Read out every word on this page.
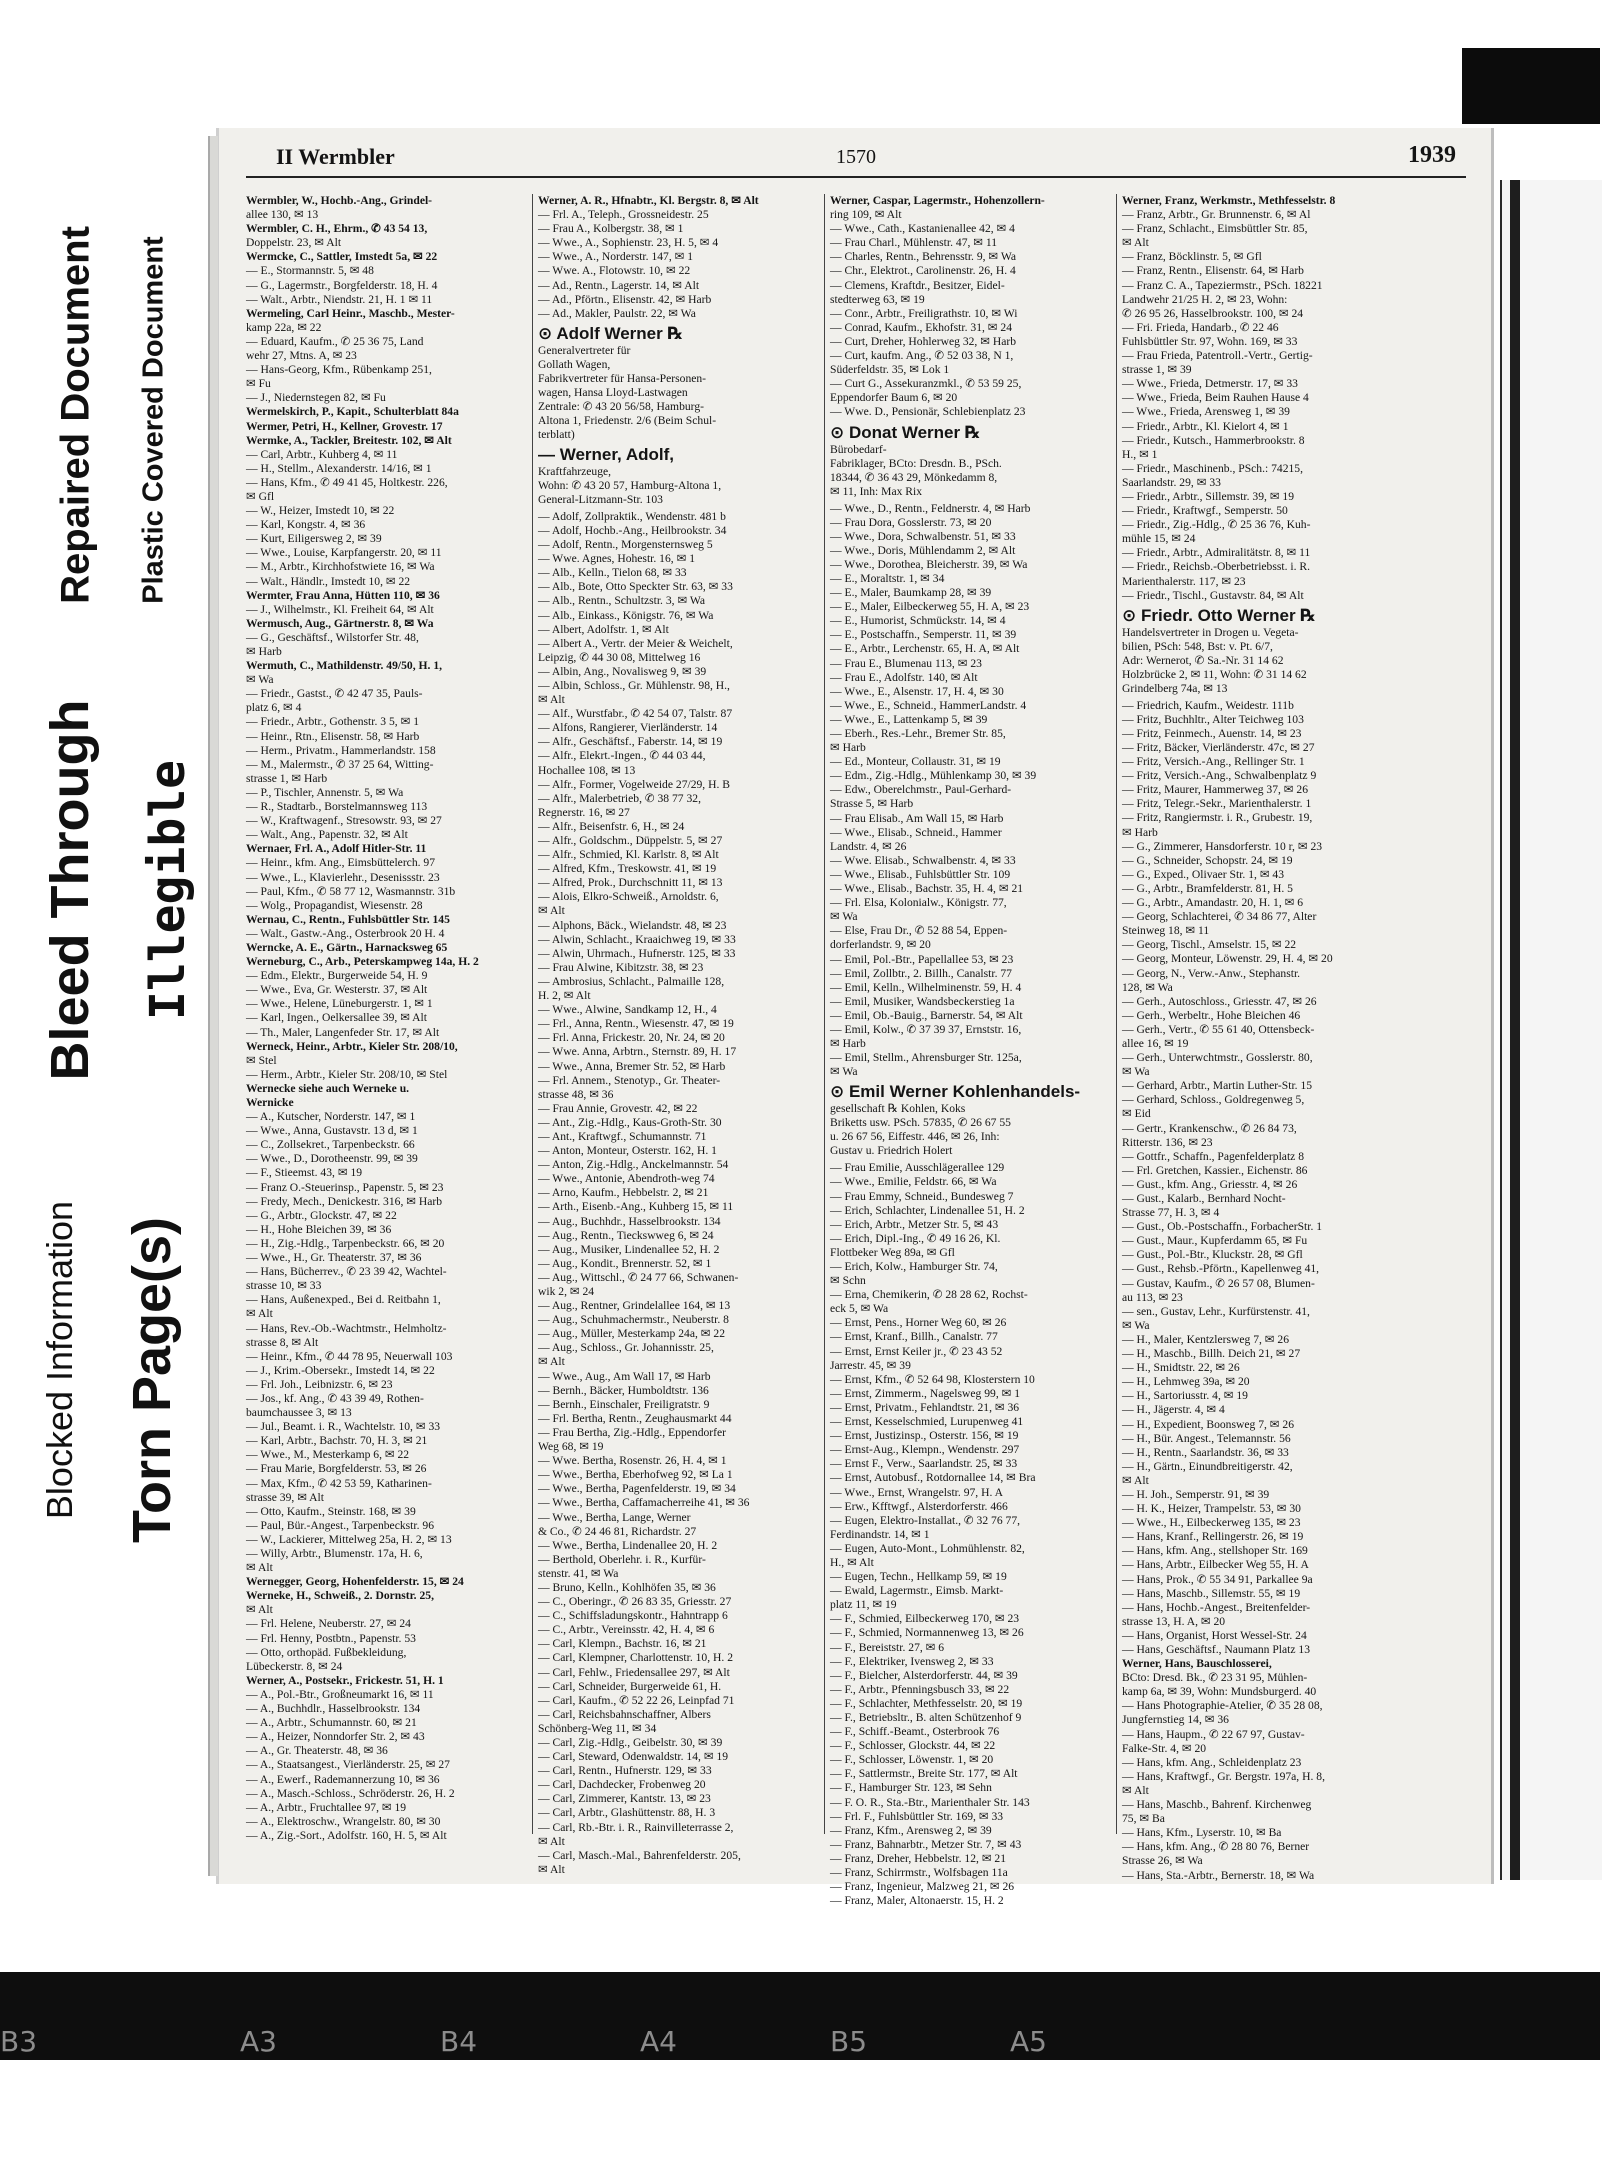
Repaired Document Plastic Covered Document
Bleed Through Illegible
Blocked Information Torn Page(s)
II Wermbler	1570	1939
Wermbler, W., Hochb.-Ang., Grindel-
allee 130, ✉ 13
Wermbler, C. H., Ehrm., ✆ 43 54 13,
Doppelstr. 23, ✉ Alt
Wermcke, C., Sattler, Imstedt 5a, ✉ 22
— E., Stormannstr. 5, ✉ 48
— G., Lagermstr., Borgfelderstr. 18, H. 4
— Walt., Arbtr., Niendstr. 21, H. 1 ✉ 11
Wermeling, Carl Heinr., Maschb., Mester-
kamp 22a, ✉ 22
— Eduard, Kaufm., ✆ 25 36 75, Land
wehr 27, Mtns. A, ✉ 23
— Hans-Georg, Kfm., Rübenkamp 251,
✉ Fu
— J., Niedernstegen 82, ✉ Fu
Wermelskirch, P., Kapit., Schulterblatt 84a
Wermer, Petri, H., Kellner, Grovestr. 17
Wermke, A., Tackler, Breitestr. 102, ✉ Alt
— Carl, Arbtr., Kuhberg 4, ✉ 11
— H., Stellm., Alexanderstr. 14/16, ✉ 1
— Hans, Kfm., ✆ 49 41 45, Holtkestr. 226,
✉ Gfl
— W., Heizer, Imstedt 10, ✉ 22
— Karl, Kongstr. 4, ✉ 36
— Kurt, Eiligersweg 2, ✉ 39
— Wwe., Louise, Karpfangerstr. 20, ✉ 11
— M., Arbtr., Kirchhofstwiete 16, ✉ Wa
— Walt., Händlr., Imstedt 10, ✉ 22
Wermter, Frau Anna, Hütten 110, ✉ 36
— J., Wilhelmstr., Kl. Freiheit 64, ✉ Alt
Wermusch, Aug., Gärtnerstr. 8, ✉ Wa
— G., Geschäftsf., Wilstorfer Str. 48,
✉ Harb
Wermuth, C., Mathildenstr. 49/50, H. 1,
✉ Wa
— Friedr., Gastst., ✆ 42 47 35, Pauls-
platz 6, ✉ 4
— Friedr., Arbtr., Gothenstr. 3 5, ✉ 1
— Heinr., Rtn., Elisenstr. 58, ✉ Harb
— Herm., Privatm., Hammerlandstr. 158
— M., Malermstr., ✆ 37 25 64, Witting-
strasse 1, ✉ Harb
— P., Tischler, Annenstr. 5, ✉ Wa
— R., Stadtarb., Borstelmannsweg 113
— W., Kraftwagenf., Stresowstr. 93, ✉ 27
— Walt., Ang., Papenstr. 32, ✉ Alt
Wernaer, Frl. A., Adolf Hitler-Str. 11
— Heinr., kfm. Ang., Eimsbüttelerch. 97
— Wwe., L., Klavierlehr., Desenissstr. 23
— Paul, Kfm., ✆ 58 77 12, Wasmannstr. 31b
— Wolg., Propagandist, Wiesenstr. 28
Wernau, C., Rentn., Fuhlsbüttler Str. 145
— Walt., Gastw.-Ang., Osterbrook 20 H. 4
Werncke, A. E., Gärtn., Harnacksweg 65
Werneburg, C., Arb., Peterskampweg 14a, H. 2
— Edm., Elektr., Burgerweide 54, H. 9
— Wwe., Eva, Gr. Westerstr. 37, ✉ Alt
— Wwe., Helene, Lüneburgerstr. 1, ✉ 1
— Karl, Ingen., Oelkersallee 39, ✉ Alt
— Th., Maler, Langenfeder Str. 17, ✉ Alt
Werneck, Heinr., Arbtr., Kieler Str. 208/10,
✉ Stel
— Herm., Arbtr., Kieler Str. 208/10, ✉ Stel
Wernecke siehe auch Werneke u.
Wernicke
— A., Kutscher, Norderstr. 147, ✉ 1
— Wwe., Anna, Gustavstr. 13 d, ✉ 1
— C., Zollsekret., Tarpenbeckstr. 66
— Wwe., D., Dorotheenstr. 99, ✉ 39
— F., Stieemst. 43, ✉ 19
— Franz O.-Steuerinsp., Papenstr. 5, ✉ 23
— Fredy, Mech., Denickestr. 316, ✉ Harb
— G., Arbtr., Glockstr. 47, ✉ 22
— H., Hohe Bleichen 39, ✉ 36
— H., Zig.-Hdlg., Tarpenbeckstr. 66, ✉ 20
— Wwe., H., Gr. Theaterstr. 37, ✉ 36
— Hans, Bücherrev., ✆ 23 39 42, Wachtel-
strasse 10, ✉ 33
— Hans, Außenexped., Bei d. Reitbahn 1,
✉ Alt
— Hans, Rev.-Ob.-Wachtmstr., Helmholtz-
strasse 8, ✉ Alt
— Heinr., Kfm., ✆ 44 78 95, Neuerwall 103
— J., Krim.-Obersekr., Imstedt 14, ✉ 22
— Frl. Joh., Leibnizstr. 6, ✉ 23
— Jos., kf. Ang., ✆ 43 39 49, Rothen-
baumchaussee 3, ✉ 13
— Jul., Beamt. i. R., Wachtelstr. 10, ✉ 33
— Karl, Arbtr., Bachstr. 70, H. 3, ✉ 21
— Wwe., M., Mesterkamp 6, ✉ 22
— Frau Marie, Borgfelderstr. 53, ✉ 26
— Max, Kfm., ✆ 42 53 59, Katharinen-
strasse 39, ✉ Alt
— Otto, Kaufm., Steinstr. 168, ✉ 39
— Paul, Bür.-Angest., Tarpenbeckstr. 96
— W., Lackierer, Mittelweg 25a, H. 2, ✉ 13
— Willy, Arbtr., Blumenstr. 17a, H. 6,
✉ Alt
Wernegger, Georg, Hohenfelderstr. 15, ✉ 24
Werneke, H., Schweiß., 2. Dornstr. 25,
✉ Alt
— Frl. Helene, Neuberstr. 27, ✉ 24
— Frl. Henny, Postbtn., Papenstr. 53
— Otto, orthopäd. Fußbekleidung,
Lübeckerstr. 8, ✉ 24
Werner, A., Postsekr., Frickestr. 51, H. 1
— A., Pol.-Btr., Großneumarkt 16, ✉ 11
— A., Buchhdlr., Hasselbrookstr. 134
— A., Arbtr., Schumannstr. 60, ✉ 21
— A., Heizer, Nonndorfer Str. 2, ✉ 43
— A., Gr. Theaterstr. 48, ✉ 36
— A., Staatsangest., Vierländerstr. 25, ✉ 27
— A., Ewerf., Rademannerzung 10, ✉ 36
— A., Masch.-Schloss., Schröderstr. 26, H. 2
— A., Arbtr., Fruchtallee 97, ✉ 19
— A., Elektroschw., Wrangelstr. 80, ✉ 30
— A., Zig.-Sort., Adolfstr. 160, H. 5, ✉ Alt
Werner, A. R., Hfnabtr., Kl. Bergstr. 8, ✉ Alt
— Frl. A., Teleph., Grossneidestr. 25
— Frau A., Kolbergstr. 38, ✉ 1
— Wwe., A., Sophienstr. 23, H. 5, ✉ 4
— Wwe., A., Norderstr. 147, ✉ 1
— Wwe. A., Flotowstr. 10, ✉ 22
— Ad., Rentn., Lagerstr. 14, ✉ Alt
— Ad., Pförtn., Elisenstr. 42, ✉ Harb
— Ad., Makler, Paulstr. 22, ✉ Wa
⊙ Adolf Werner ℞
Generalvertreter für
Gollath Wagen,
Fabrikvertreter für Hansa-Personen-
wagen, Hansa Lloyd-Lastwagen
Zentrale: ✆ 43 20 56/58, Hamburg-
Altona 1, Friedenstr. 2/6 (Beim Schul-
terblatt)
— Werner, Adolf,
Kraftfahrzeuge,
Wohn: ✆ 43 20 57, Hamburg-Altona 1,
General-Litzmann-Str. 103
— Adolf, Zollpraktik., Wendenstr. 481 b
— Adolf, Hochb.-Ang., Heilbrookstr. 34
— Adolf, Rentn., Morgensternsweg 5
— Wwe. Agnes, Hohestr. 16, ✉ 1
— Alb., Kelln., Tielon 68, ✉ 33
— Alb., Bote, Otto Speckter Str. 63, ✉ 33
— Alb., Rentn., Schultzstr. 3, ✉ Wa
— Alb., Einkass., Königstr. 76, ✉ Wa
— Albert, Adolfstr. 1, ✉ Alt
— Albert A., Vertr. der Meier & Weichelt,
Leipzig, ✆ 44 30 08, Mittelweg 16
— Albin, Ang., Novalisweg 9, ✉ 39
— Albin, Schloss., Gr. Mühlenstr. 98, H.,
✉ Alt
— Alf., Wurstfabr., ✆ 42 54 07, Talstr. 87
— Alfons, Rangierer, Vierländerstr. 14
— Alfr., Geschäftsf., Faberstr. 14, ✉ 19
— Alfr., Elekrt.-Ingen., ✆ 44 03 44,
Hochallee 108, ✉ 13
— Alfr., Former, Vogelweide 27/29, H. B
— Alfr., Malerbetrieb, ✆ 38 77 32,
Regnerstr. 16, ✉ 27
— Alfr., Beisenfstr. 6, H., ✉ 24
— Alfr., Goldschm., Düppelstr. 5, ✉ 27
— Alfr., Schmied, Kl. Karlstr. 8, ✉ Alt
— Alfred, Kfm., Treskowstr. 41, ✉ 19
— Alfred, Prok., Durchschnitt 11, ✉ 13
— Alois, Elkro-Schweiß., Arnoldstr. 6,
✉ Alt
— Alphons, Bäck., Wielandstr. 48, ✉ 23
— Alwin, Schlacht., Kraaichweg 19, ✉ 33
— Alwin, Uhrmach., Hufnerstr. 125, ✉ 33
— Frau Alwine, Kibitzstr. 38, ✉ 23
— Ambrosius, Schlacht., Palmaille 128,
H. 2, ✉ Alt
— Wwe., Alwine, Sandkamp 12, H., 4
— Frl., Anna, Rentn., Wiesenstr. 47, ✉ 19
— Frl. Anna, Frickestr. 20, Nr. 24, ✉ 20
— Wwe. Anna, Arbtrn., Sternstr. 89, H. 17
— Wwe., Anna, Bremer Str. 52, ✉ Harb
— Frl. Annem., Stenotyp., Gr. Theater-
strasse 48, ✉ 36
— Frau Annie, Grovestr. 42, ✉ 22
— Ant., Zig.-Hdlg., Kaus-Groth-Str. 30
— Ant., Kraftwgf., Schumannstr. 71
— Anton, Monteur, Osterstr. 162, H. 1
— Anton, Zig.-Hdlg., Anckelmannstr. 54
— Wwe., Antonie, Abendroth-weg 74
— Arno, Kaufm., Hebbelstr. 2, ✉ 21
— Arth., Eisenb.-Ang., Kuhberg 15, ✉ 11
— Aug., Buchhdr., Hasselbrookstr. 134
— Aug., Rentn., Tieckswweg 6, ✉ 24
— Aug., Musiker, Lindenallee 52, H. 2
— Aug., Kondit., Brennerstr. 52, ✉ 1
— Aug., Wittschl., ✆ 24 77 66, Schwanen-
wik 2, ✉ 24
— Aug., Rentner, Grindelallee 164, ✉ 13
— Aug., Schuhmachermstr., Neuberstr. 8
— Aug., Müller, Mesterkamp 24a, ✉ 22
— Aug., Schloss., Gr. Johannisstr. 25,
✉ Alt
— Wwe., Aug., Am Wall 17, ✉ Harb
— Bernh., Bäcker, Humboldtstr. 136
— Bernh., Einschaler, Freiligratstr. 9
— Frl. Bertha, Rentn., Zeughausmarkt 44
— Frau Bertha, Zig.-Hdlg., Eppendorfer
Weg 68, ✉ 19
— Wwe. Bertha, Rosenstr. 26, H. 4, ✉ 1
— Wwe., Bertha, Eberhofweg 92, ✉ La 1
— Wwe., Bertha, Pagenfelderstr. 19, ✉ 34
— Wwe., Bertha, Caffamacherreihe 41, ✉ 36
— Wwe., Bertha, Lange, Werner
& Co., ✆ 24 46 81, Richardstr. 27
— Wwe., Bertha, Lindenallee 20, H. 2
— Berthold, Oberlehr. i. R., Kurfür-
stenstr. 41, ✉ Wa
— Bruno, Kelln., Kohlhöfen 35, ✉ 36
— C., Oberingr., ✆ 26 83 35, Griesstr. 27
— C., Schiffsladungskontr., Hahntrapp 6
— C., Arbtr., Vereinsstr. 42, H. 4, ✉ 6
— Carl, Klempn., Bachstr. 16, ✉ 21
— Carl, Klempner, Charlottenstr. 10, H. 2
— Carl, Fehlw., Friedensallee 297, ✉ Alt
— Carl, Schneider, Burgerweide 61, H.
— Carl, Kaufm., ✆ 52 22 26, Leinpfad 71
— Carl, Reichsbahnschaffner, Albers
Schönberg-Weg 11, ✉ 34
— Carl, Zig.-Hdlg., Geibelstr. 30, ✉ 39
— Carl, Steward, Odenwaldstr. 14, ✉ 19
— Carl, Rentn., Hufnerstr. 129, ✉ 33
— Carl, Dachdecker, Frobenweg 20
— Carl, Zimmerer, Kantstr. 13, ✉ 23
— Carl, Arbtr., Glashüttenstr. 88, H. 3
— Carl, Rb.-Btr. i. R., Rainvilleterrasse 2,
✉ Alt
— Carl, Masch.-Mal., Bahrenfelderstr. 205,
✉ Alt
Werner, Caspar, Lagermstr., Hohenzollern-
ring 109, ✉ Alt
— Wwe., Cath., Kastanienallee 42, ✉ 4
— Frau Charl., Mühlenstr. 47, ✉ 11
— Charles, Rentn., Behrensstr. 9, ✉ Wa
— Chr., Elektrot., Carolinenstr. 26, H. 4
— Clemens, Kraftdr., Besitzer, Eidel-
stedterweg 63, ✉ 19
— Conr., Arbtr., Freiligrathstr. 10, ✉ Wi
— Conrad, Kaufm., Ekhofstr. 31, ✉ 24
— Curt, Dreher, Hohlerweg 32, ✉ Harb
— Curt, kaufm. Ang., ✆ 52 03 38, N 1,
Süderfeldstr. 35, ✉ Lok 1
— Curt G., Assekuranzmkl., ✆ 53 59 25,
Eppendorfer Baum 6, ✉ 20
— Wwe. D., Pensionär, Schlebienplatz 23
⊙ Donat Werner ℞
Bürobedarf-
Fabriklager, BCto: Dresdn. B., PSch.
18344, ✆ 36 43 29, Mönkedamm 8,
✉ 11, Inh: Max Rix
— Wwe., D., Rentn., Feldnerstr. 4, ✉ Harb
— Frau Dora, Gosslerstr. 73, ✉ 20
— Wwe., Dora, Schwalbenstr. 51, ✉ 33
— Wwe., Doris, Mühlendamm 2, ✉ Alt
— Wwe., Dorothea, Bleicherstr. 39, ✉ Wa
— E., Moraltstr. 1, ✉ 34
— E., Maler, Baumkamp 28, ✉ 39
— E., Maler, Eilbeckerweg 55, H. A, ✉ 23
— E., Humorist, Schmückstr. 14, ✉ 4
— E., Postschaffn., Semperstr. 11, ✉ 39
— E., Arbtr., Lerchenstr. 65, H. A, ✉ Alt
— Frau E., Blumenau 113, ✉ 23
— Frau E., Adolfstr. 140, ✉ Alt
— Wwe., E., Alsenstr. 17, H. 4, ✉ 30
— Wwe., E., Schneid., HammerLandstr. 4
— Wwe., E., Lattenkamp 5, ✉ 39
— Eberh., Res.-Lehr., Bremer Str. 85,
✉ Harb
— Ed., Monteur, Collaustr. 31, ✉ 19
— Edm., Zig.-Hdlg., Mühlenkamp 30, ✉ 39
— Edw., Oberelchmstr., Paul-Gerhard-
Strasse 5, ✉ Harb
— Frau Elisab., Am Wall 15, ✉ Harb
— Wwe., Elisab., Schneid., Hammer
Landstr. 4, ✉ 26
— Wwe. Elisab., Schwalbenstr. 4, ✉ 33
— Wwe., Elisab., Fuhlsbüttler Str. 109
— Wwe., Elisab., Bachstr. 35, H. 4, ✉ 21
— Frl. Elsa, Kolonialw., Königstr. 77,
✉ Wa
— Else, Frau Dr., ✆ 52 88 54, Eppen-
dorferlandstr. 9, ✉ 20
— Emil, Pol.-Btr., Papellallee 53, ✉ 23
— Emil, Zollbtr., 2. Billh., Canalstr. 77
— Emil, Kelln., Wilhelminenstr. 59, H. 4
— Emil, Musiker, Wandsbeckerstieg 1a
— Emil, Ob.-Bauig., Barnerstr. 54, ✉ Alt
— Emil, Kolw., ✆ 37 39 37, Ernststr. 16,
✉ Harb
— Emil, Stellm., Ahrensburger Str. 125a,
✉ Wa
⊙ Emil Werner Kohlenhandels-
gesellschaft ℞ Kohlen, Koks
Briketts usw. PSch. 57835, ✆ 26 67 55
u. 26 67 56, Eiffestr. 446, ✉ 26, Inh:
Gustav u. Friedrich Holert
— Frau Emilie, Ausschlägerallee 129
— Wwe., Emilie, Feldstr. 66, ✉ Wa
— Frau Emmy, Schneid., Bundesweg 7
— Erich, Schlachter, Lindenallee 51, H. 2
— Erich, Arbtr., Metzer Str. 5, ✉ 43
— Erich, Dipl.-Ing., ✆ 49 16 26, Kl.
Flottbeker Weg 89a, ✉ Gfl
— Erich, Kolw., Hamburger Str. 74,
✉ Schn
— Erna, Chemikerin, ✆ 28 28 62, Rochst-
eck 5, ✉ Wa
— Ernst, Pens., Horner Weg 60, ✉ 26
— Ernst, Kranf., Billh., Canalstr. 77
— Ernst, Ernst Keiler jr., ✆ 23 43 52
Jarrestr. 45, ✉ 39
— Ernst, Kfm., ✆ 52 64 98, Klosterstern 10
— Ernst, Zimmerm., Nagelsweg 99, ✉ 1
— Ernst, Privatm., Fehlandtstr. 21, ✉ 36
— Ernst, Kesselschmied, Lurupenweg 41
— Ernst, Justizinsp., Osterstr. 156, ✉ 19
— Ernst-Aug., Klempn., Wendenstr. 297
— Ernst F., Verw., Saarlandstr. 25, ✉ 33
— Ernst, Autobusf., Rotdornallee 14, ✉ Bra
— Wwe., Ernst, Wrangelstr. 97, H. A
— Erw., Kfftwgf., Alsterdorferstr. 466
— Eugen, Elektro-Installat., ✆ 32 76 77,
Ferdinandstr. 14, ✉ 1
— Eugen, Auto-Mont., Lohmühlenstr. 82,
H., ✉ Alt
— Eugen, Techn., Hellkamp 59, ✉ 19
— Ewald, Lagermstr., Eimsb. Markt-
platz 11, ✉ 19
— F., Schmied, Eilbeckerweg 170, ✉ 23
— F., Schmied, Normannenweg 13, ✉ 26
— F., Bereiststr. 27, ✉ 6
— F., Elektriker, Ivensweg 2, ✉ 33
— F., Bielcher, Alsterdorferstr. 44, ✉ 39
— F., Arbtr., Pfenningsbusch 33, ✉ 22
— F., Schlachter, Methfesselstr. 20, ✉ 19
— F., Betriebsltr., B. alten Schützenhof 9
— F., Schiff.-Beamt., Osterbrook 76
— F., Schlosser, Glockstr. 44, ✉ 22
— F., Schlosser, Löwenstr. 1, ✉ 20
— F., Sattlermstr., Breite Str. 177, ✉ Alt
— F., Hamburger Str. 123, ✉ Sehn
— F. O. R., Sta.-Btr., Marienthaler Str. 143
— Frl. F., Fuhlsbüttler Str. 169, ✉ 33
— Franz, Kfm., Arensweg 2, ✉ 39
— Franz, Bahnarbtr., Metzer Str. 7, ✉ 43
— Franz, Dreher, Hebbelstr. 12, ✉ 21
— Franz, Schirrmstr., Wolfsbagen 11a
— Franz, Ingenieur, Malzweg 21, ✉ 26
— Franz, Maler, Altonaerstr. 15, H. 2
Werner, Franz, Werkmstr., Methfesselstr. 8
— Franz, Arbtr., Gr. Brunnenstr. 6, ✉ Al
— Franz, Schlacht., Eimsbüttler Str. 85,
✉ Alt
— Franz, Böcklinstr. 5, ✉ Gfl
— Franz, Rentn., Elisenstr. 64, ✉ Harb
— Franz C. A., Tapeziermstr., PSch. 18221
Landwehr 21/25 H. 2, ✉ 23, Wohn:
✆ 26 95 26, Hasselbrookstr. 100, ✉ 24
— Fri. Frieda, Handarb., ✆ 22 46
Fuhlsbüttler Str. 97, Wohn. 169, ✉ 33
— Frau Frieda, Patentroll.-Vertr., Gertig-
strasse 1, ✉ 39
— Wwe., Frieda, Detmerstr. 17, ✉ 33
— Wwe., Frieda, Beim Rauhen Hause 4
— Wwe., Frieda, Arensweg 1, ✉ 39
— Friedr., Arbtr., Kl. Kielort 4, ✉ 1
— Friedr., Kutsch., Hammerbrookstr. 8
H., ✉ 1
— Friedr., Maschinenb., PSch.: 74215,
Saarlandstr. 29, ✉ 33
— Friedr., Arbtr., Sillemstr. 39, ✉ 19
— Friedr., Kraftwgf., Semperstr. 50
— Friedr., Zig.-Hdlg., ✆ 25 36 76, Kuh-
mühle 15, ✉ 24
— Friedr., Arbtr., Admiralitätstr. 8, ✉ 11
— Friedr., Reichsb.-Oberbetriebsst. i. R.
Marienthalerstr. 117, ✉ 23
— Friedr., Tischl., Gustavstr. 84, ✉ Alt
⊙ Friedr. Otto Werner ℞
Handelsvertreter in Drogen u. Vegeta-
bilien, PSch: 548, Bst: v. Pt. 6/7,
Adr: Wernerot, ✆ Sa.-Nr. 31 14 62
Holzbrücke 2, ✉ 11, Wohn: ✆ 31 14 62
Grindelberg 74a, ✉ 13
— Friedrich, Kaufm., Weidestr. 111b
— Fritz, Buchhltr., Alter Teichweg 103
— Fritz, Feinmech., Auenstr. 14, ✉ 23
— Fritz, Bäcker, Vierländerstr. 47c, ✉ 27
— Fritz, Versich.-Ang., Rellinger Str. 1
— Fritz, Versich.-Ang., Schwalbenplatz 9
— Fritz, Maurer, Hammerweg 37, ✉ 26
— Fritz, Telegr.-Sekr., Marienthalerstr. 1
— Fritz, Rangiermstr. i. R., Grubestr. 19,
✉ Harb
— G., Zimmerer, Hansdorferstr. 10 r, ✉ 23
— G., Schneider, Schopstr. 24, ✉ 19
— G., Exped., Olivaer Str. 1, ✉ 43
— G., Arbtr., Bramfelderstr. 81, H. 5
— G., Arbtr., Amandastr. 20, H. 1, ✉ 6
— Georg, Schlachterei, ✆ 34 86 77, Alter
Steinweg 18, ✉ 11
— Georg, Tischl., Amselstr. 15, ✉ 22
— Georg, Monteur, Löwenstr. 29, H. 4, ✉ 20
— Georg, N., Verw.-Anw., Stephanstr.
128, ✉ Wa
— Gerh., Autoschloss., Griesstr. 47, ✉ 26
— Gerh., Werbeltr., Hohe Bleichen 46
— Gerh., Vertr., ✆ 55 61 40, Ottensbeck-
allee 16, ✉ 19
— Gerh., Unterwchtmstr., Gosslerstr. 80,
✉ Wa
— Gerhard, Arbtr., Martin Luther-Str. 15
— Gerhard, Schloss., Goldregenweg 5,
✉ Eid
— Gertr., Krankenschw., ✆ 26 84 73,
Ritterstr. 136, ✉ 23
— Gottfr., Schaffn., Pagenfelderplatz 8
— Frl. Gretchen, Kassier., Eichenstr. 86
— Gust., kfm. Ang., Griesstr. 4, ✉ 26
— Gust., Kalarb., Bernhard Nocht-
Strasse 77, H. 3, ✉ 4
— Gust., Ob.-Postschaffn., ForbacherStr. 1
— Gust., Maur., Kupferdamm 65, ✉ Fu
— Gust., Pol.-Btr., Kluckstr. 28, ✉ Gfl
— Gust., Rehsb.-Pförtn., Kapellenweg 41,
— Gustav, Kaufm., ✆ 26 57 08, Blumen-
au 113, ✉ 23
— sen., Gustav, Lehr., Kurfürstenstr. 41,
✉ Wa
— H., Maler, Kentzlersweg 7, ✉ 26
— H., Maschb., Billh. Deich 21, ✉ 27
— H., Smidtstr. 22, ✉ 26
— H., Lehmweg 39a, ✉ 20
— H., Sartoriusstr. 4, ✉ 19
— H., Jägerstr. 4, ✉ 4
— H., Expedient, Boonsweg 7, ✉ 26
— H., Bür. Angest., Telemannstr. 56
— H., Rentn., Saarlandstr. 36, ✉ 33
— H., Gärtn., Einundbreitigerstr. 42,
✉ Alt
— H. Joh., Semperstr. 91, ✉ 39
— H. K., Heizer, Trampelstr. 53, ✉ 30
— Wwe., H., Eilbeckerweg 135, ✉ 23
— Hans, Kranf., Rellingerstr. 26, ✉ 19
— Hans, kfm. Ang., stellshoper Str. 169
— Hans, Arbtr., Eilbecker Weg 55, H. A
— Hans, Prok., ✆ 55 34 91, Parkallee 9a
— Hans, Maschb., Sillemstr. 55, ✉ 19
— Hans, Hochb.-Angest., Breitenfelder-
strasse 13, H. A, ✉ 20
— Hans, Organist, Horst Wessel-Str. 24
— Hans, Geschäftsf., Naumann Platz 13
Werner, Hans, Bauschlosserei,
BCto: Dresd. Bk., ✆ 23 31 95, Mühlen-
kamp 6a, ✉ 39, Wohn: Mundsburgerd. 40
— Hans Photographie-Atelier, ✆ 35 28 08,
Jungfernstieg 14, ✉ 36
— Hans, Haupm., ✆ 22 67 97, Gustav-
Falke-Str. 4, ✉ 20
— Hans, kfm. Ang., Schleidenplatz 23
— Hans, Kraftwgf., Gr. Bergstr. 197a, H. 8,
✉ Alt
— Hans, Maschb., Bahrenf. Kirchenweg
75, ✉ Ba
— Hans, Kfm., Lyserstr. 10, ✉ Ba
— Hans, kfm. Ang., ✆ 28 80 76, Berner
Strasse 26, ✉ Wa
— Hans, Sta.-Arbtr., Bernerstr. 18, ✉ Wa
B3	A3	B4	A4	B5	A5
